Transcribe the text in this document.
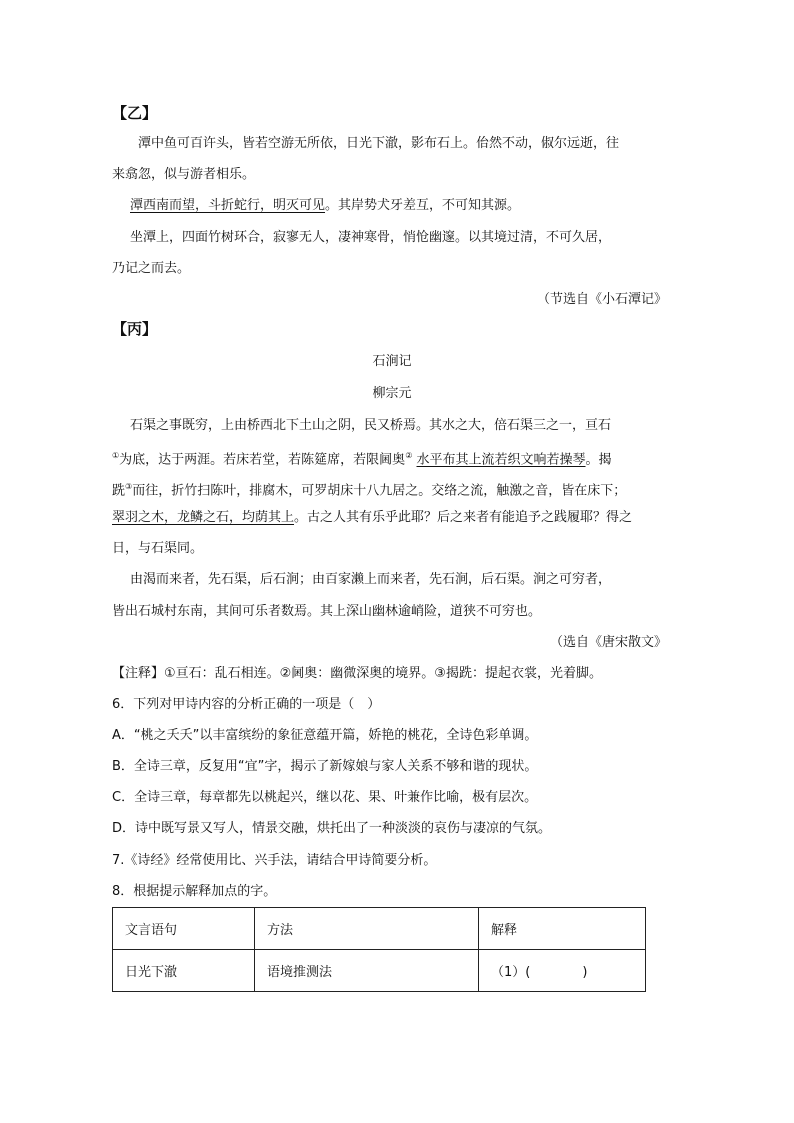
【乙】
潭中鱼可百许头，皆若空游无所依，日光下澈，影布石上。佁然不动，俶尔远逝，往
来翕忽，似与游者相乐。
潭西南而望，斗折蛇行，明灭可见。其岸势犬牙差互，不可知其源。
坐潭上，四面竹树环合，寂寥无人，凄神寒骨，悄怆幽邃。以其境过清，不可久居，
乃记之而去。
（节选自《小石潭记》
【丙】
石涧记
柳宗元
石渠之事既穷，上由桥西北下土山之阴，民又桥焉。其水之大，倍石渠三之一，亘石
①为底，达于两涯。若床若堂，若陈筵席，若限阃奥② 水平布其上流若织文响若操琴。揭
跣③而往，折竹扫陈叶，排腐木，可罗胡床十八九居之。交络之流，触激之音，皆在床下；
翠羽之木，龙鳞之石，均荫其上。古之人其有乐乎此耶？后之来者有能追予之践履耶？得之
日，与石渠同。
由渴而来者，先石渠，后石涧；由百家濑上而来者，先石涧，后石渠。涧之可穷者，
皆出石城村东南，其间可乐者数焉。其上深山幽林逾峭险，道狭不可穷也。
（选自《唐宋散文》
【注释】①亘石：乱石相连。②阃奥：幽微深奥的境界。③揭跣：提起衣裳，光着脚。
6．下列对甲诗内容的分析正确的一项是（　）
A．“桃之夭夭”以丰富缤纷的象征意蕴开篇，娇艳的桃花，全诗色彩单调。
B．全诗三章，反复用“宜”字，揭示了新嫁娘与家人关系不够和谐的现状。
C．全诗三章，每章都先以桃起兴，继以花、果、叶兼作比喻，极有层次。
D．诗中既写景又写人，情景交融，烘托出了一种淡淡的哀伤与凄凉的气氛。
7.《诗经》经常使用比、兴手法，请结合甲诗简要分析。
8．根据提示解释加点的字。
文言语句	方法	解释
日光下澈	语境推测法	（1）(　　　　)
